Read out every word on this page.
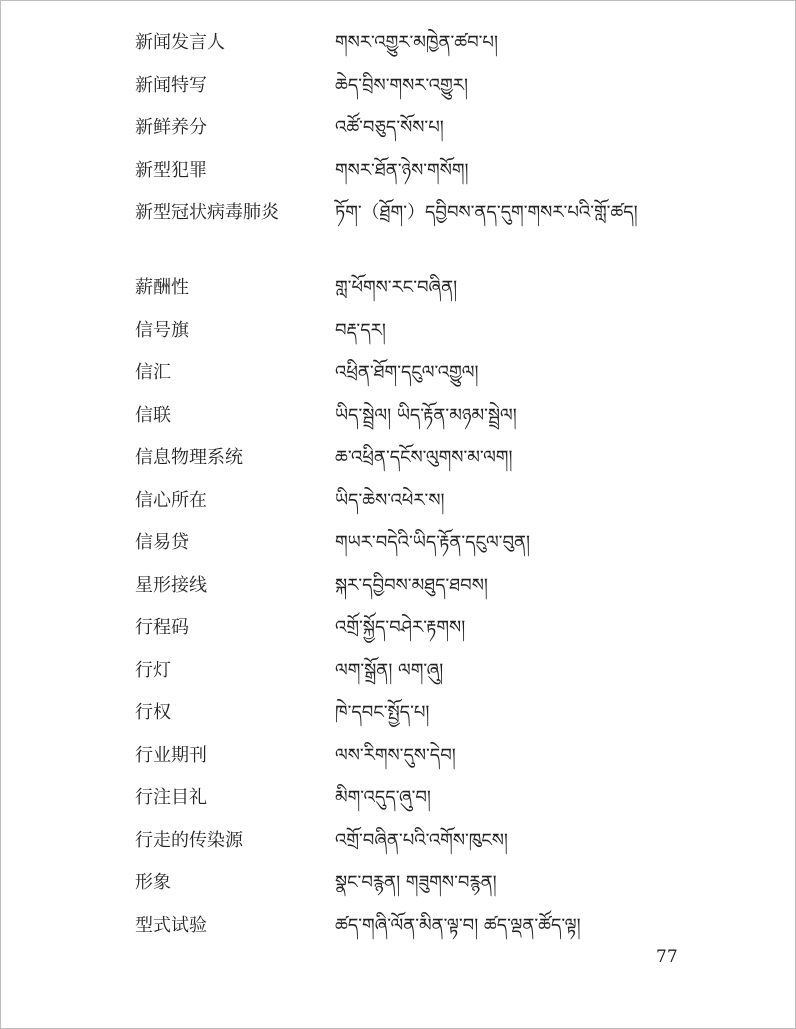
新闻发言人	གསར་འགྱུར་མཁྱེན་ཚབ་པ།
新闻特写	ཆེད་བྲིས་གསར་འགྱུར།
新鲜养分	འཚོ་བཅུད་སོས་པ།
新型犯罪	གསར་ཐོན་ཉེས་གསོག།
新型冠状病毒肺炎	ཏོག་（ཐྲོག་）དབྱིབས་ནད་དུག་གསར་པའི་གློ་ཚད།
薪酬性	གླ་ཕོགས་རང་བཞིན།
信号旗	བརྡ་དར།
信汇	འཕྲིན་ཐོག་དངུལ་འགྱུལ།
信联	ཡིད་སྦྲེལ། ཡིད་རྟོན་མཉམ་སྦྲེལ།
信息物理系统	ཆ་འཕྲིན་དངོས་ལུགས་མ་ལག།
信心所在	ཡིད་ཆེས་འཕེར་ས།
信易贷	གཡར་བདེའི་ཡིད་རྟོན་དངུལ་བུན།
星形接线	སྐར་དབྱིབས་མཐུད་ཐབས།
行程码	འགྲོ་སྐྱོད་བཤེར་རྟགས།
行灯	ལག་སྒྲོན། ལག་ཞུ།
行权	ཁེ་དབང་སྤྱོད་པ།
行业期刊	ལས་རིགས་དུས་དེབ།
行注目礼	མིག་འདུད་ཞུ་བ།
行走的传染源	འགྲོ་བཞིན་པའི་འགོས་ཁུངས།
形象	སྣང་བརྙན། གཟུགས་བརྙན།
型式试验	ཚད་གཞི་ལོན་མིན་ལྟ་བ། ཚད་ལྡན་ཚོད་ལྟ།
77
